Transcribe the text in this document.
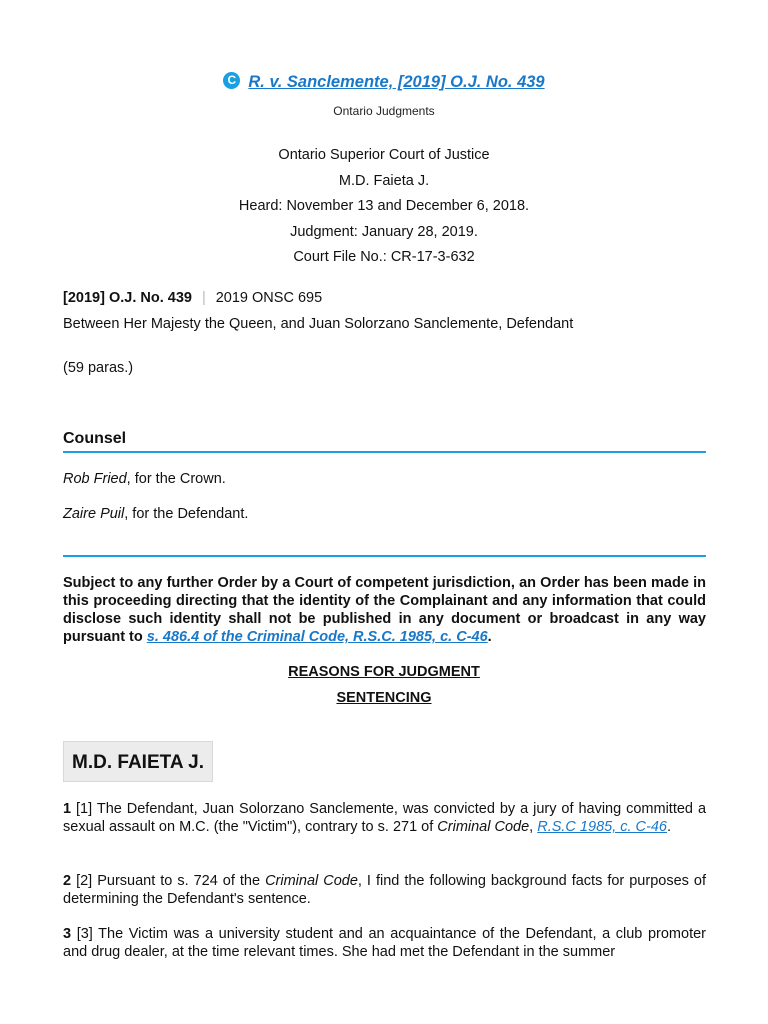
C R. v. Sanclemente, [2019] O.J. No. 439
Ontario Judgments
Ontario Superior Court of Justice
M.D. Faieta J.
Heard: November 13 and December 6, 2018.
Judgment: January 28, 2019.
Court File No.: CR-17-3-632
[2019] O.J. No. 439 | 2019 ONSC 695
Between Her Majesty the Queen, and Juan Solorzano Sanclemente, Defendant
(59 paras.)
Counsel
Rob Fried, for the Crown.
Zaire Puil, for the Defendant.
Subject to any further Order by a Court of competent jurisdiction, an Order has been made in this proceeding directing that the identity of the Complainant and any information that could disclose such identity shall not be published in any document or broadcast in any way pursuant to s. 486.4 of the Criminal Code, R.S.C. 1985, c. C-46.
REASONS FOR JUDGMENT
SENTENCING
M.D. FAIETA J.
1 [1] The Defendant, Juan Solorzano Sanclemente, was convicted by a jury of having committed a sexual assault on M.C. (the "Victim"), contrary to s. 271 of Criminal Code, R.S.C 1985, c. C-46.
2 [2] Pursuant to s. 724 of the Criminal Code, I find the following background facts for purposes of determining the Defendant's sentence.
3 [3] The Victim was a university student and an acquaintance of the Defendant, a club promoter and drug dealer, at the time relevant times. She had met the Defendant in the summer
